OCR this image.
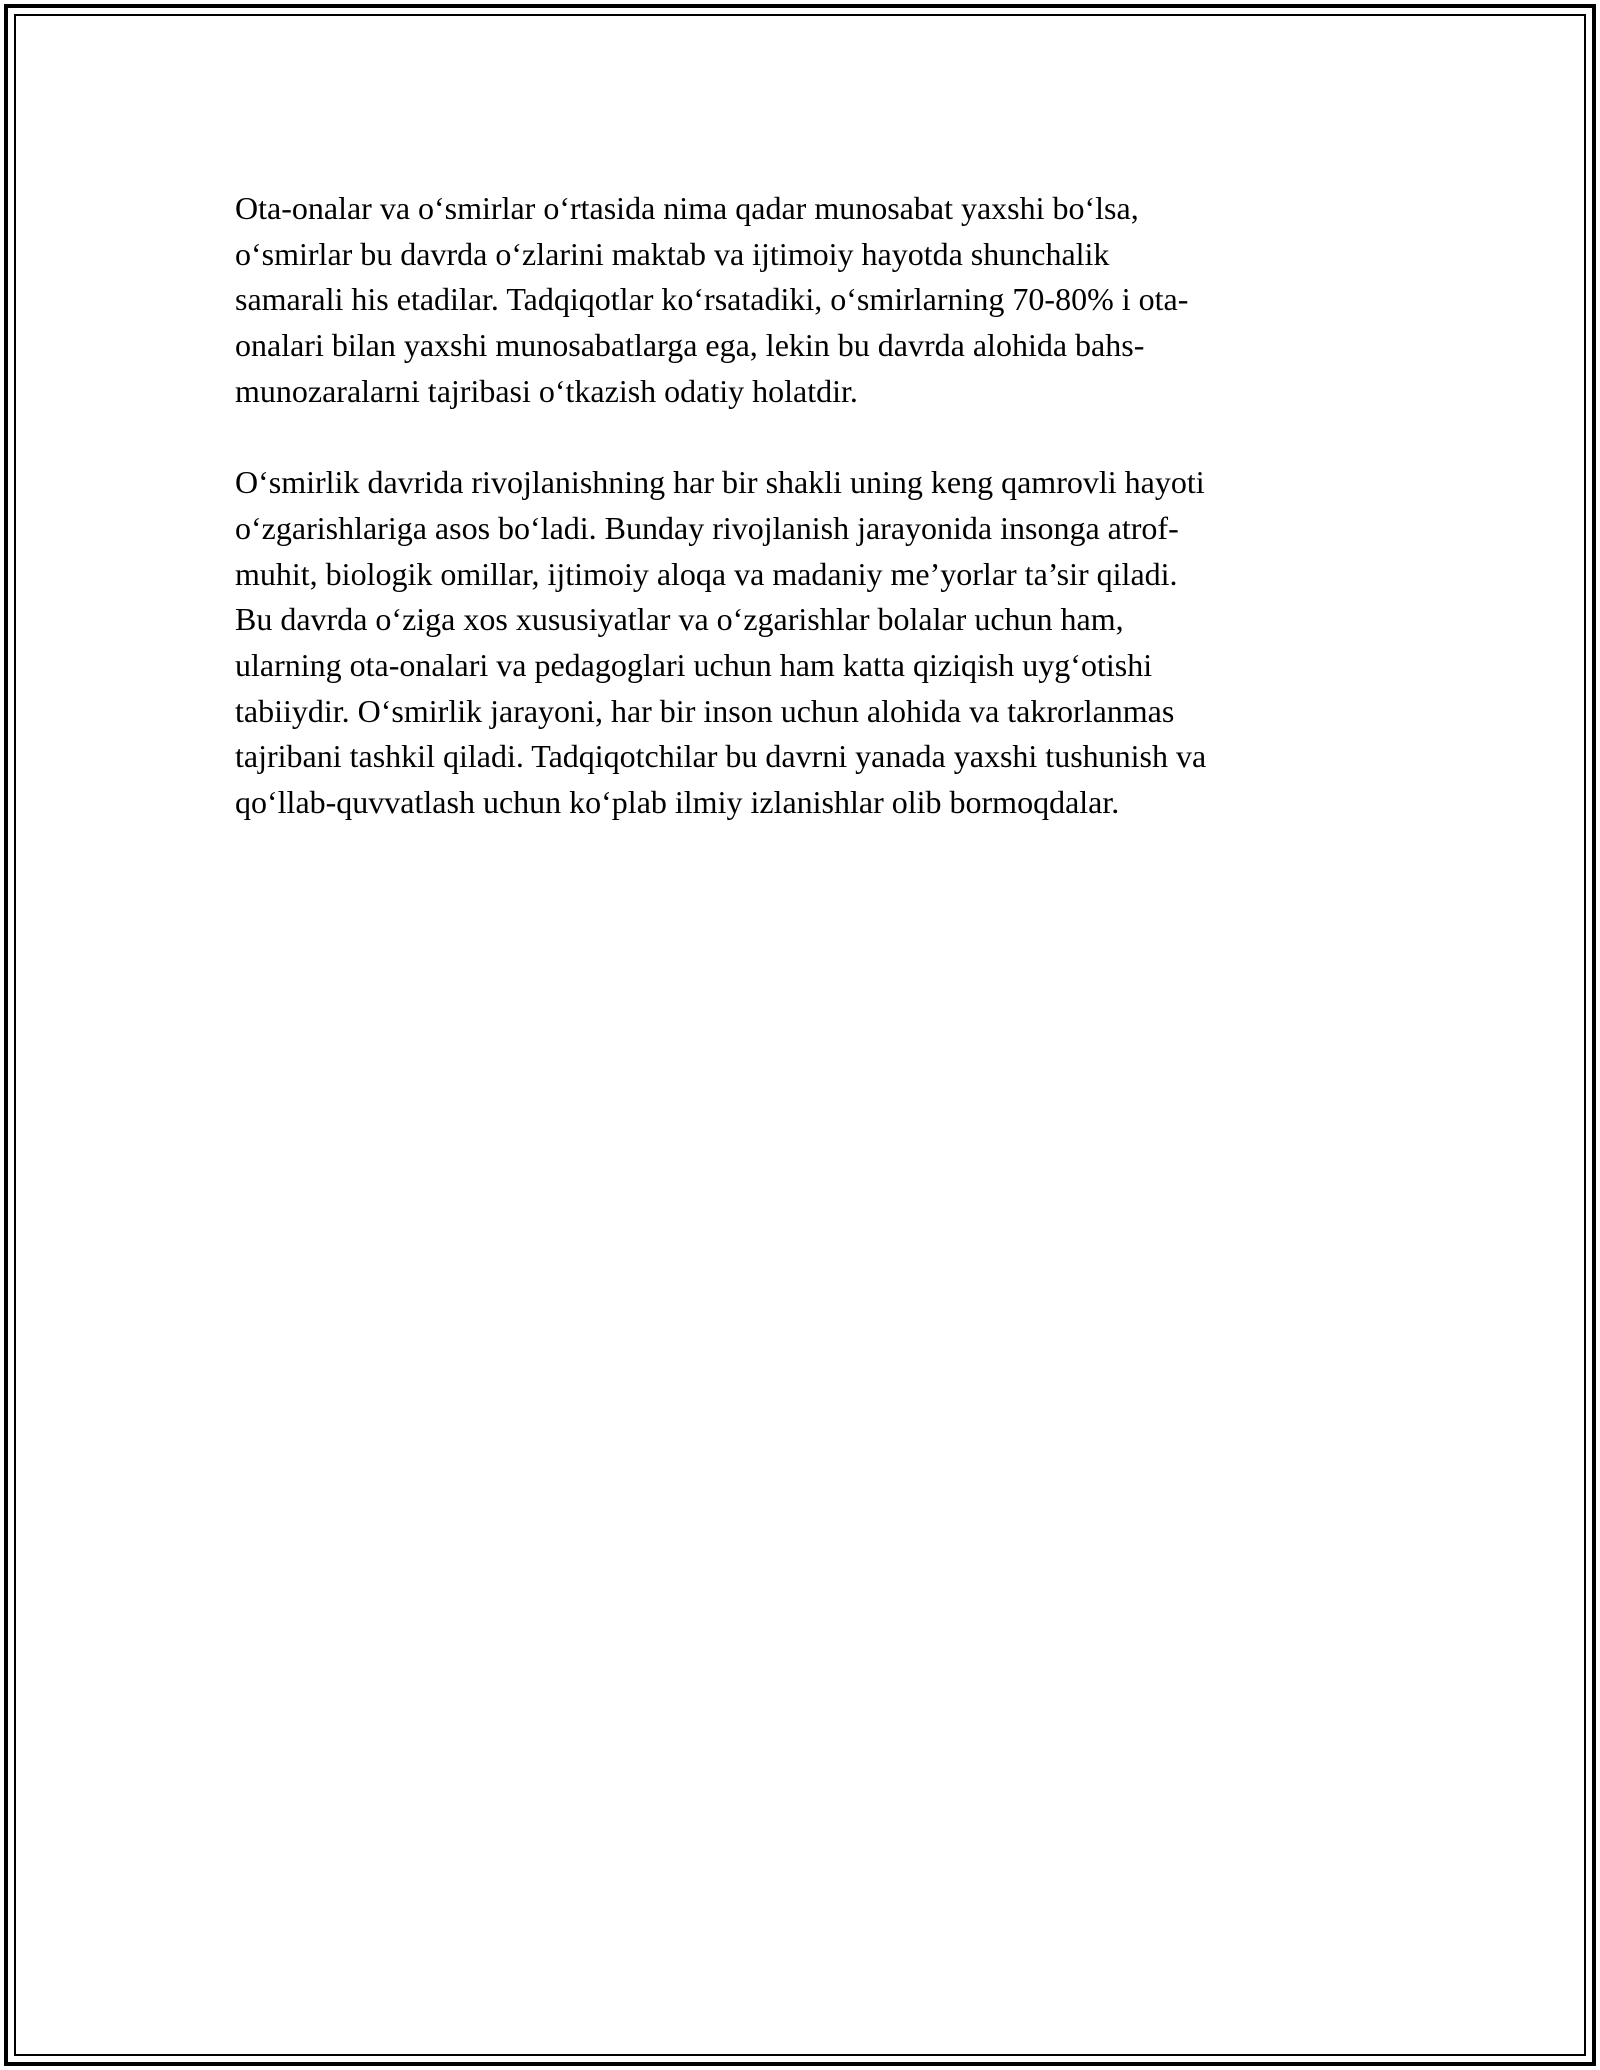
Ota-onalar va o‘smirlar o‘rtasida nima qadar munosabat yaxshi bo‘lsa,
o‘smirlar bu davrda o‘zlarini maktab va ijtimoiy hayotda shunchalik
samarali his etadilar. Tadqiqotlar ko‘rsatadiki, o‘smirlarning 70-80% i ota-
onalari bilan yaxshi munosabatlarga ega, lekin bu davrda alohida bahs-
munozaralarni tajribasi o‘tkazish odatiy holatdir.

O‘smirlik davrida rivojlanishning har bir shakli uning keng qamrovli hayoti
o‘zgarishlariga asos bo‘ladi. Bunday rivojlanish jarayonida insonga atrof-
muhit, biologik omillar, ijtimoiy aloqa va madaniy me’yorlar ta’sir qiladi.
Bu davrda o‘ziga xos xususiyatlar va o‘zgarishlar bolalar uchun ham,
ularning ota-onalari va pedagoglari uchun ham katta qiziqish uyg‘otishi
tabiiydir. O‘smirlik jarayoni, har bir inson uchun alohida va takrorlanmas
tajribani tashkil qiladi. Tadqiqotchilar bu davrni yanada yaxshi tushunish va
qo‘llab-quvvatlash uchun ko‘plab ilmiy izlanishlar olib bormoqdalar.
